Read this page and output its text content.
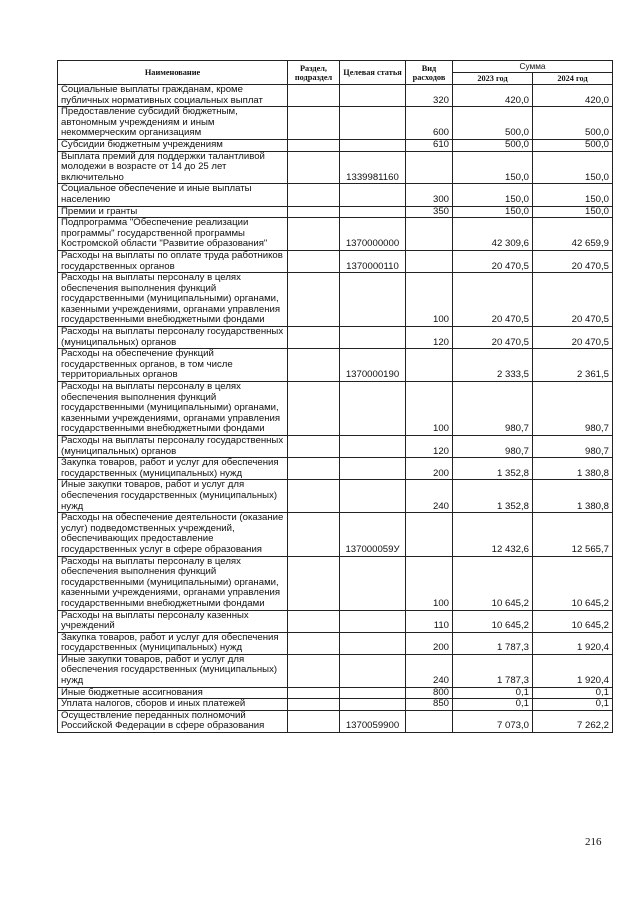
Наименование	Раздел, подраздел	Целевая статья	Вид расходов	Сумма	
				2023 год	2024 год
Социальные выплаты гражданам, кроме публичных нормативных социальных выплат			320	420,0	420,0
Предоставление субсидий бюджетным, автономным учреждениям и иным некоммерческим организациям			600	500,0	500,0
Субсидии бюджетным учреждениям			610	500,0	500,0
Выплата премий для поддержки талантливой молодежи в возрасте от 14 до 25 лет включительно		1339981160		150,0	150,0
Социальное обеспечение и иные выплаты населению			300	150,0	150,0
Премии и гранты			350	150,0	150,0
Подпрограмма "Обеспечение реализации программы" государственной программы Костромской области "Развитие образования"		1370000000		42 309,6	42 659,9
Расходы на выплаты по оплате труда работников государственных органов		1370000110		20 470,5	20 470,5
Расходы на выплаты персоналу в целях обеспечения выполнения функций государственными (муниципальными) органами, казенными учреждениями, органами управления государственными внебюджетными фондами			100	20 470,5	20 470,5
Расходы на выплаты персоналу государственных (муниципальных) органов			120	20 470,5	20 470,5
Расходы на обеспечение функций государственных органов, в том числе территориальных органов		1370000190		2 333,5	2 361,5
Расходы на выплаты персоналу в целях обеспечения выполнения функций государственными (муниципальными) органами, казенными учреждениями, органами управления государственными внебюджетными фондами			100	980,7	980,7
Расходы на выплаты персоналу государственных (муниципальных) органов			120	980,7	980,7
Закупка товаров, работ и услуг для обеспечения государственных (муниципальных) нужд			200	1 352,8	1 380,8
Иные закупки товаров, работ и услуг для обеспечения государственных (муниципальных) нужд			240	1 352,8	1 380,8
Расходы на обеспечение деятельности (оказание услуг) подведомственных учреждений, обеспечивающих предоставление государственных услуг в сфере образования		137000059У		12 432,6	12 565,7
Расходы на выплаты персоналу в целях обеспечения выполнения функций государственными (муниципальными) органами, казенными учреждениями, органами управления государственными внебюджетными фондами			100	10 645,2	10 645,2
Расходы на выплаты персоналу казенных учреждений			110	10 645,2	10 645,2
Закупка товаров, работ и услуг для обеспечения государственных (муниципальных) нужд			200	1 787,3	1 920,4
Иные закупки товаров, работ и услуг для обеспечения государственных (муниципальных) нужд			240	1 787,3	1 920,4
Иные бюджетные ассигнования			800	0,1	0,1
Уплата налогов, сборов и иных платежей			850	0,1	0,1
Осуществление переданных полномочий Российской Федерации в сфере образования		1370059900		7 073,0	7 262,2
216
